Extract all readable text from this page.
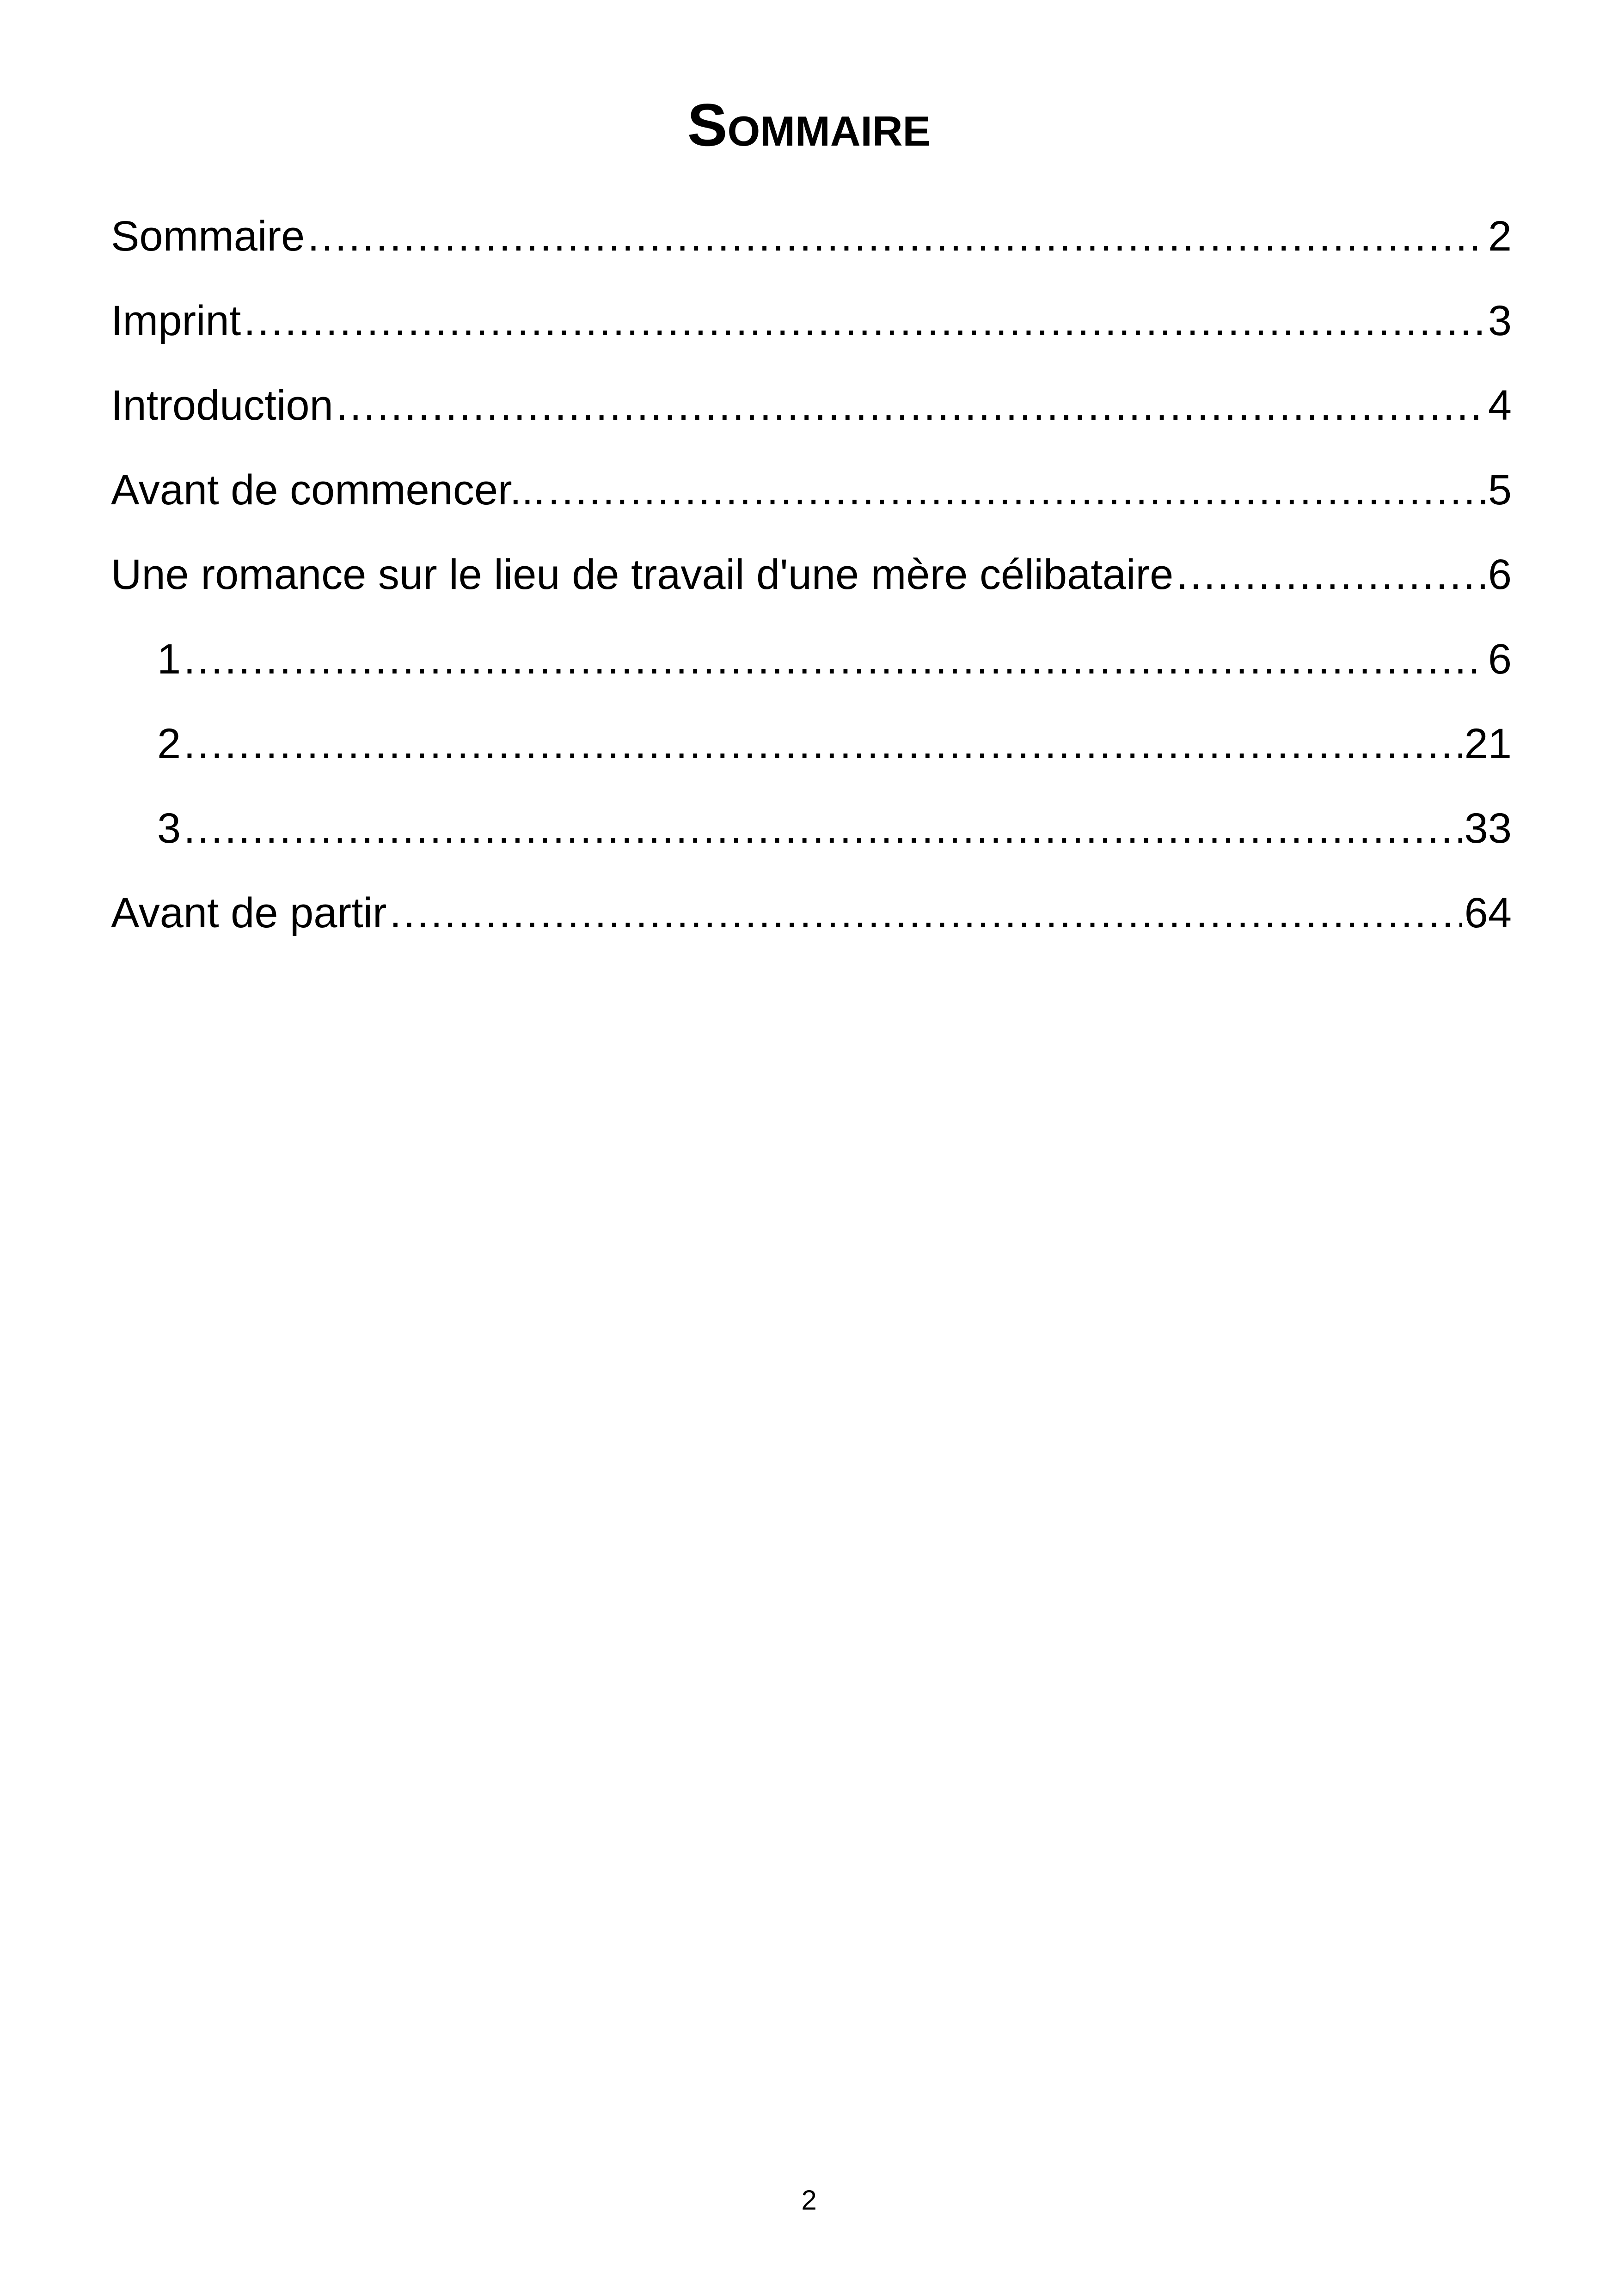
Sommaire
Sommaire .....	2
Imprint .....	3
Introduction .....	4
Avant de commencer... .....	5
Une romance sur le lieu de travail d'une mère célibataire .....	6
1 .....	6
2 .....	21
3 .....	33
Avant de partir .....	64
2
